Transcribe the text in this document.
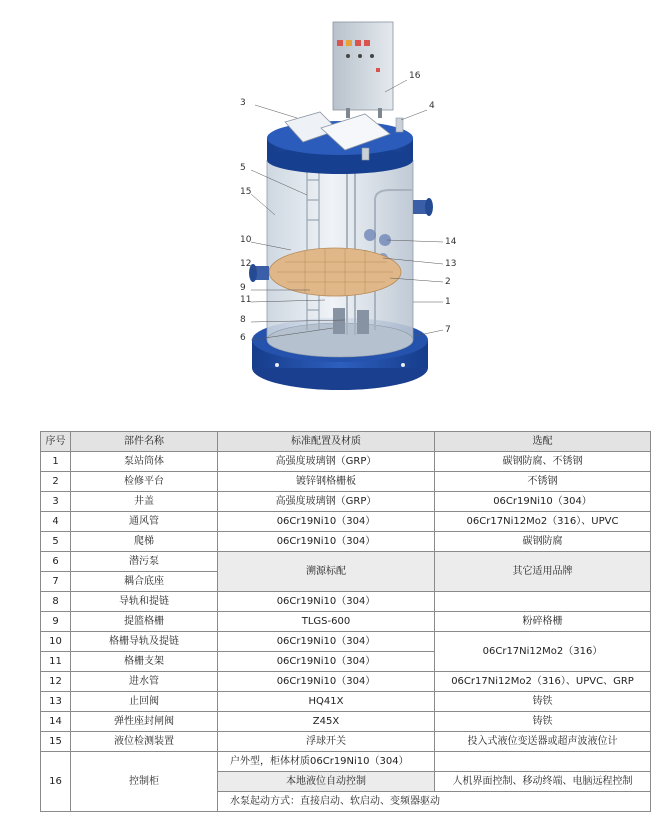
16
3	4
5
15
10
12
9
11
8
6
14
13
2
1
7
序号	部件名称	标准配置及材质	选配
1	泵站筒体	高强度玻璃钢（GRP）	碳钢防腐、不锈钢
2	检修平台	镀锌钢格栅板	不锈钢
3	井盖	高强度玻璃钢（GRP）	06Cr19Ni10（304）
4	通风管	06Cr19Ni10（304）	06Cr17Ni12Mo2（316）、UPVC
5	爬梯	06Cr19Ni10（304）	碳钢防腐
6	潜污泵	溯源标配	其它适用品牌
7	耦合底座		
8	导轨和提链	06Cr19Ni10（304）	
9	提篮格栅	TLGS-600	粉碎格栅
10	格栅导轨及提链	06Cr19Ni10（304）	06Cr17Ni12Mo2（316）
11	格栅支架	06Cr19Ni10（304）	
12	进水管	06Cr19Ni10（304）	06Cr17Ni12Mo2（316）、UPVC、GRP
13	止回阀	HQ41X	铸铁
14	弹性座封闸阀	Z45X	铸铁
15	液位检测装置	浮球开关	投入式液位变送器或超声波液位计
16	控制柜	户外型，柜体材质06Cr19Ni10（304）	
		本地液位自动控制	人机界面控制、移动终端、电脑远程控制
		水泵起动方式：直接启动、软启动、变频器驱动	
